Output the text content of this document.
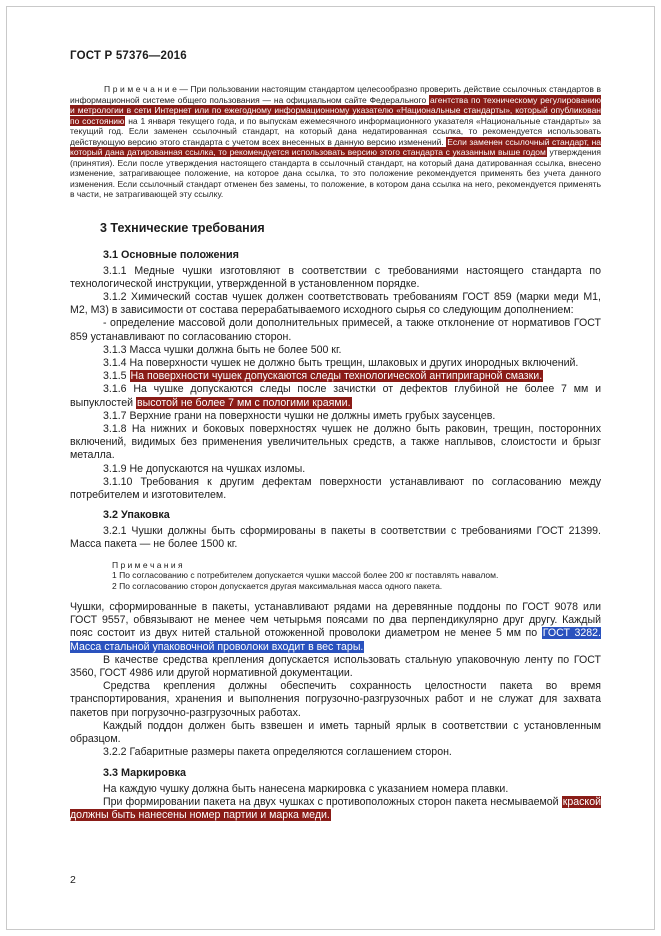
ГОСТ Р 57376—2016
П р и м е ч а н и е — При пользовании настоящим стандартом целесообразно проверить действие ссылочных стандартов в информационной системе общего пользования — на официальном сайте Федерального агентства по техническому регулированию и метрологии в сети Интернет или по ежегодному информационному указателю «Национальные стандарты», который опубликован по состоянию на 1 января текущего года, и по выпускам ежемесячного информационного указателя «Национальные стандарты» за текущий год. Если заменен ссылочный стандарт, на который дана недатированная ссылка, то рекомендуется использовать действующую версию этого стандарта с учетом всех внесенных в данную версию изменений. Если заменен ссылочный стандарт, на который дана датированная ссылка, то рекомендуется использовать версию этого стандарта с указанным выше годом утверждения (принятия). Если после утверждения настоящего стандарта в ссылочный стандарт, на который дана датированная ссылка, внесено изменение, затрагивающее положение, на которое дана ссылка, то это положение рекомендуется применять без учета данного изменения. Если ссылочный стандарт отменен без замены, то положение, в котором дана ссылка на него, рекомендуется применять в части, не затрагивающей эту ссылку.
3 Технические требования
3.1 Основные положения
3.1.1 Медные чушки изготовляют в соответствии с требованиями настоящего стандарта по технологической инструкции, утвержденной в установленном порядке.
3.1.2 Химический состав чушек должен соответствовать требованиям ГОСТ 859 (марки меди М1, М2, М3) в зависимости от состава перерабатываемого исходного сырья со следующим дополнением:
- определение массовой доли дополнительных примесей, а также отклонение от нормативов ГОСТ 859 устанавливают по согласованию сторон.
3.1.3 Масса чушки должна быть не более 500 кг.
3.1.4 На поверхности чушек не должно быть трещин, шлаковых и других инородных включений.
3.1.5 На поверхности чушек допускаются следы технологической антипригарной смазки.
3.1.6 На чушке допускаются следы после зачистки от дефектов глубиной не более 7 мм и выпуклостей высотой не более 7 мм с пологими краями.
3.1.7 Верхние грани на поверхности чушки не должны иметь грубых заусенцев.
3.1.8 На нижних и боковых поверхностях чушек не должно быть раковин, трещин, посторонних включений, видимых без применения увеличительных средств, а также наплывов, слоистости и брызг металла.
3.1.9 Не допускаются на чушках изломы.
3.1.10 Требования к другим дефектам поверхности устанавливают по согласованию между потребителем и изготовителем.
3.2 Упаковка
3.2.1 Чушки должны быть сформированы в пакеты в соответствии с требованиями ГОСТ 21399. Масса пакета — не более 1500 кг.
П р и м е ч а н и я
1 По согласованию с потребителем допускается чушки массой более 200 кг поставлять навалом.
2 По согласованию сторон допускается другая максимальная масса одного пакета.
Чушки, сформированные в пакеты, устанавливают рядами на деревянные поддоны по ГОСТ 9078 или ГОСТ 9557, обвязывают не менее чем четырьмя поясами по два перпендикулярно друг другу. Каждый пояс состоит из двух нитей стальной отожженной проволоки диаметром не менее 5 мм по ГОСТ 3282. Масса стальной упаковочной проволоки входит в вес тары.
В качестве средства крепления допускается использовать стальную упаковочную ленту по ГОСТ 3560, ГОСТ 4986 или другой нормативной документации.
Средства крепления должны обеспечить сохранность целостности пакета во время транспортирования, хранения и выполнения погрузочно-разгрузочных работ и не служат для захвата пакетов при погрузочно-разгрузочных работах.
Каждый поддон должен быть взвешен и иметь тарный ярлык в соответствии с установленным образцом.
3.2.2 Габаритные размеры пакета определяются соглашением сторон.
3.3 Маркировка
На каждую чушку должна быть нанесена маркировка с указанием номера плавки.
При формировании пакета на двух чушках с противоположных сторон пакета несмываемой краской должны быть нанесены номер партии и марка меди.
2
